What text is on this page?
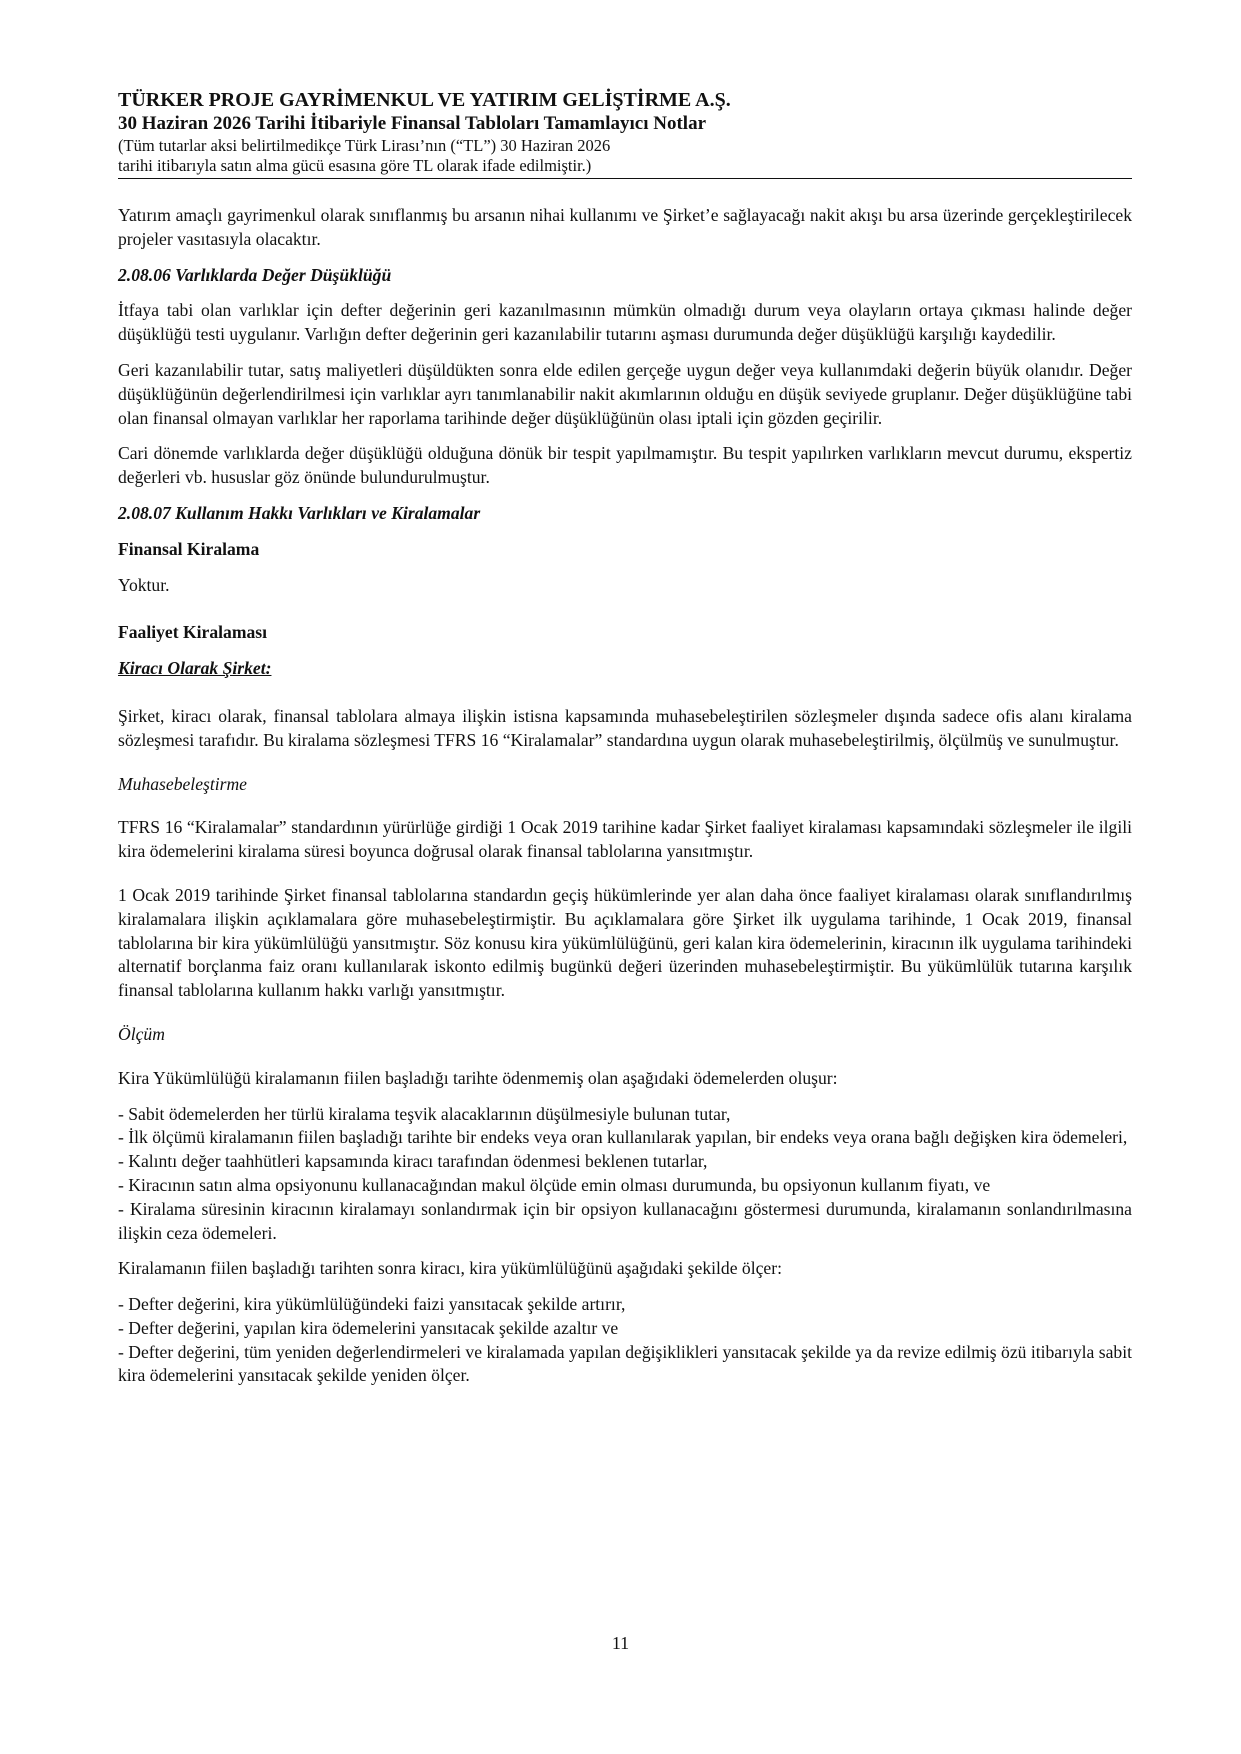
TÜRKER PROJE GAYRİMENKUL VE YATIRIM GELİŞTİRME A.Ş.
30 Haziran 2026 Tarihi İtibariyle Finansal Tabloları Tamamlayıcı Notlar
(Tüm tutarlar aksi belirtilmedikçe Türk Lirası’nın (“TL”) 30 Haziran 2026
tarihi itibarıyla satın alma gücü esasına göre TL olarak ifade edilmiştir.)

Yatırım amaçlı gayrimenkul olarak sınıflanmış bu arsanın nihai kullanımı ve Şirket’e sağlayacağı nakit akışı bu arsa üzerinde gerçekleştirilecek projeler vasıtasıyla olacaktır.

2.08.06 Varlıklarda Değer Düşüklüğü

İtfaya tabi olan varlıklar için defter değerinin geri kazanılmasının mümkün olmadığı durum veya olayların ortaya çıkması halinde değer düşüklüğü testi uygulanır. Varlığın defter değerinin geri kazanılabilir tutarını aşması durumunda değer düşüklüğü karşılığı kaydedilir.

Geri kazanılabilir tutar, satış maliyetleri düşüldükten sonra elde edilen gerçeğe uygun değer veya kullanımdaki değerin büyük olanıdır. Değer düşüklüğünün değerlendirilmesi için varlıklar ayrı tanımlanabilir nakit akımlarının olduğu en düşük seviyede gruplanır. Değer düşüklüğüne tabi olan finansal olmayan varlıklar her raporlama tarihinde değer düşüklüğünün olası iptali için gözden geçirilir.

Cari dönemde varlıklarda değer düşüklüğü olduğuna dönük bir tespit yapılmamıştır. Bu tespit yapılırken varlıkların mevcut durumu, ekspertiz değerleri vb. hususlar göz önünde bulundurulmuştur.

2.08.07 Kullanım Hakkı Varlıkları ve Kiralamalar
Finansal Kiralama

Yoktur.

Faaliyet Kiralaması

Kiracı Olarak Şirket:

Şirket, kiracı olarak, finansal tablolara almaya ilişkin istisna kapsamında muhasebeleştirilen sözleşmeler dışında sadece ofis alanı kiralama sözleşmesi tarafıdır. Bu kiralama sözleşmesi TFRS 16 “Kiralamalar” standardına uygun olarak muhasebeleştirilmiş, ölçülmüş ve sunulmuştur.

Muhasebeleştirme

TFRS 16 “Kiralamalar” standardının yürürlüğe girdiği 1 Ocak 2019 tarihine kadar Şirket faaliyet kiralaması kapsamındaki sözleşmeler ile ilgili kira ödemelerini kiralama süresi boyunca doğrusal olarak finansal tablolarına yansıtmıştır.

1 Ocak 2019 tarihinde Şirket finansal tablolarına standardın geçiş hükümlerinde yer alan daha önce faaliyet kiralaması olarak sınıflandırılmış kiralamalara ilişkin açıklamalara göre muhasebeleştirmiştir. Bu açıklamalara göre Şirket ilk uygulama tarihinde, 1 Ocak 2019, finansal tablolarına bir kira yükümlülüğü yansıtmıştır. Söz konusu kira yükümlülüğünü, geri kalan kira ödemelerinin, kiracının ilk uygulama tarihindeki alternatif borçlanma faiz oranı kullanılarak iskonto edilmiş bugünkü değeri üzerinden muhasebeleştirmiştir. Bu yükümlülük tutarına karşılık finansal tablolarına kullanım hakkı varlığı yansıtmıştır.

Ölçüm

Kira Yükümlülüğü kiralamanın fiilen başladığı tarihte ödenmemiş olan aşağıdaki ödemelerden oluşur:

- Sabit ödemelerden her türlü kiralama teşvik alacaklarının düşülmesiyle bulunan tutar,

- İlk ölçümü kiralamanın fiilen başladığı tarihte bir endeks veya oran kullanılarak yapılan, bir endeks veya orana bağlı değişken kira ödemeleri,

- Kalıntı değer taahhütleri kapsamında kiracı tarafından ödenmesi beklenen tutarlar,

- Kiracının satın alma opsiyonunu kullanacağından makul ölçüde emin olması durumunda, bu opsiyonun kullanım fiyatı, ve

- Kiralama süresinin kiracının kiralamayı sonlandırmak için bir opsiyon kullanacağını göstermesi durumunda, kiralamanın sonlandırılmasına ilişkin ceza ödemeleri.

Kiralamanın fiilen başladığı tarihten sonra kiracı, kira yükümlülüğünü aşağıdaki şekilde ölçer:

- Defter değerini, kira yükümlülüğündeki faizi yansıtacak şekilde artırır,

- Defter değerini, yapılan kira ödemelerini yansıtacak şekilde azaltır ve

- Defter değerini, tüm yeniden değerlendirmeleri ve kiralamada yapılan değişiklikleri yansıtacak şekilde ya da revize edilmiş özü itibarıyla sabit kira ödemelerini yansıtacak şekilde yeniden ölçer.

11
